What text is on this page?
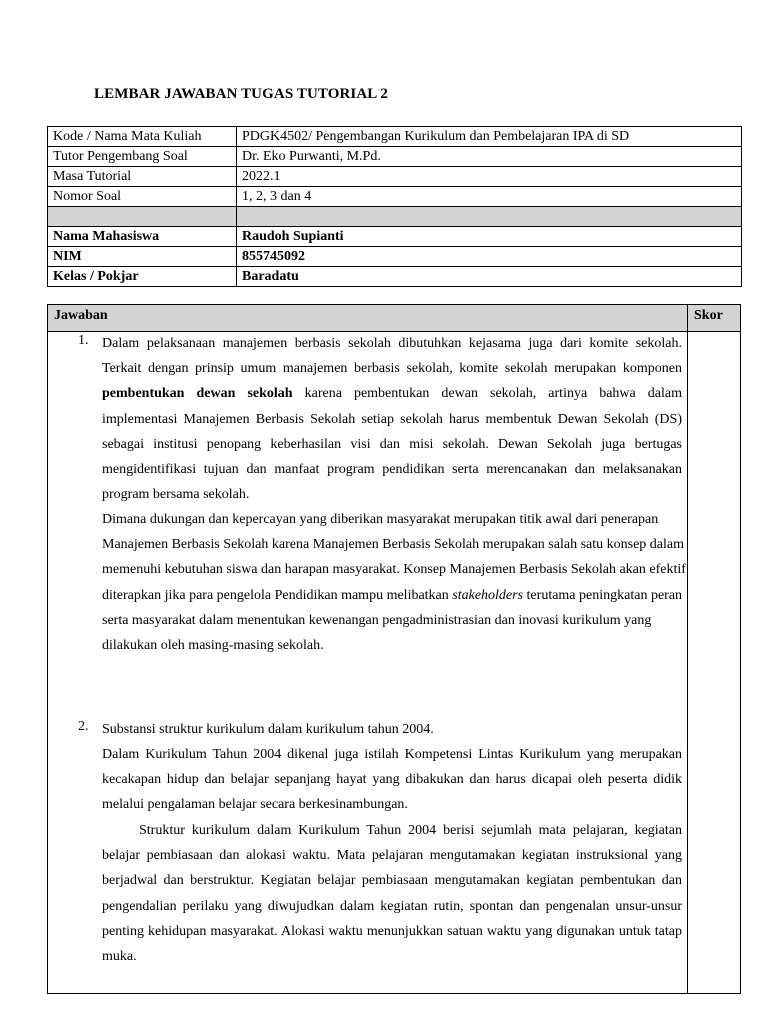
LEMBAR JAWABAN TUGAS TUTORIAL 2
Kode / Nama Mata Kuliah	PDGK4502/ Pengembangan Kurikulum dan Pembelajaran IPA di SD
Tutor Pengembang Soal	Dr. Eko Purwanti, M.Pd.
Masa Tutorial	2022.1
Nomor Soal	1, 2, 3 dan 4

Nama Mahasiswa	Raudoh Supianti
NIM	855745092
Kelas / Pokjar	Baradatu
Jawaban	Skor
1. Dalam pelaksanaan manajemen berbasis sekolah dibutuhkan kejasama juga dari komite sekolah. Terkait dengan prinsip umum manajemen berbasis sekolah, komite sekolah merupakan komponen pembentukan dewan sekolah karena pembentukan dewan sekolah, artinya bahwa dalam implementasi Manajemen Berbasis Sekolah setiap sekolah harus membentuk Dewan Sekolah (DS) sebagai institusi penopang keberhasilan visi dan misi sekolah. Dewan Sekolah juga bertugas mengidentifikasi tujuan dan manfaat program pendidikan serta merencanakan dan melaksanakan program bersama sekolah.
Dimana dukungan dan kepercayan yang diberikan masyarakat merupakan titik awal dari penerapan Manajemen Berbasis Sekolah karena Manajemen Berbasis Sekolah merupakan salah satu konsep dalam memenuhi kebutuhan siswa dan harapan masyarakat. Konsep Manajemen Berbasis Sekolah akan efektif diterapkan jika para pengelola Pendidikan mampu melibatkan stakeholders terutama peningkatan peran serta masyarakat dalam menentukan kewenangan pengadministrasian dan inovasi kurikulum yang dilakukan oleh masing-masing sekolah.
2. Substansi struktur kurikulum dalam kurikulum tahun 2004.
Dalam Kurikulum Tahun 2004 dikenal juga istilah Kompetensi Lintas Kurikulum yang merupakan kecakapan hidup dan belajar sepanjang hayat yang dibakukan dan harus dicapai oleh peserta didik melalui pengalaman belajar secara berkesinambungan.
Struktur kurikulum dalam Kurikulum Tahun 2004 berisi sejumlah mata pelajaran, kegiatan belajar pembiasaan dan alokasi waktu. Mata pelajaran mengutamakan kegiatan instruksional yang berjadwal dan berstruktur. Kegiatan belajar pembiasaan mengutamakan kegiatan pembentukan dan pengendalian perilaku yang diwujudkan dalam kegiatan rutin, spontan dan pengenalan unsur-unsur penting kehidupan masyarakat. Alokasi waktu menunjukkan satuan waktu yang digunakan untuk tatap muka.
